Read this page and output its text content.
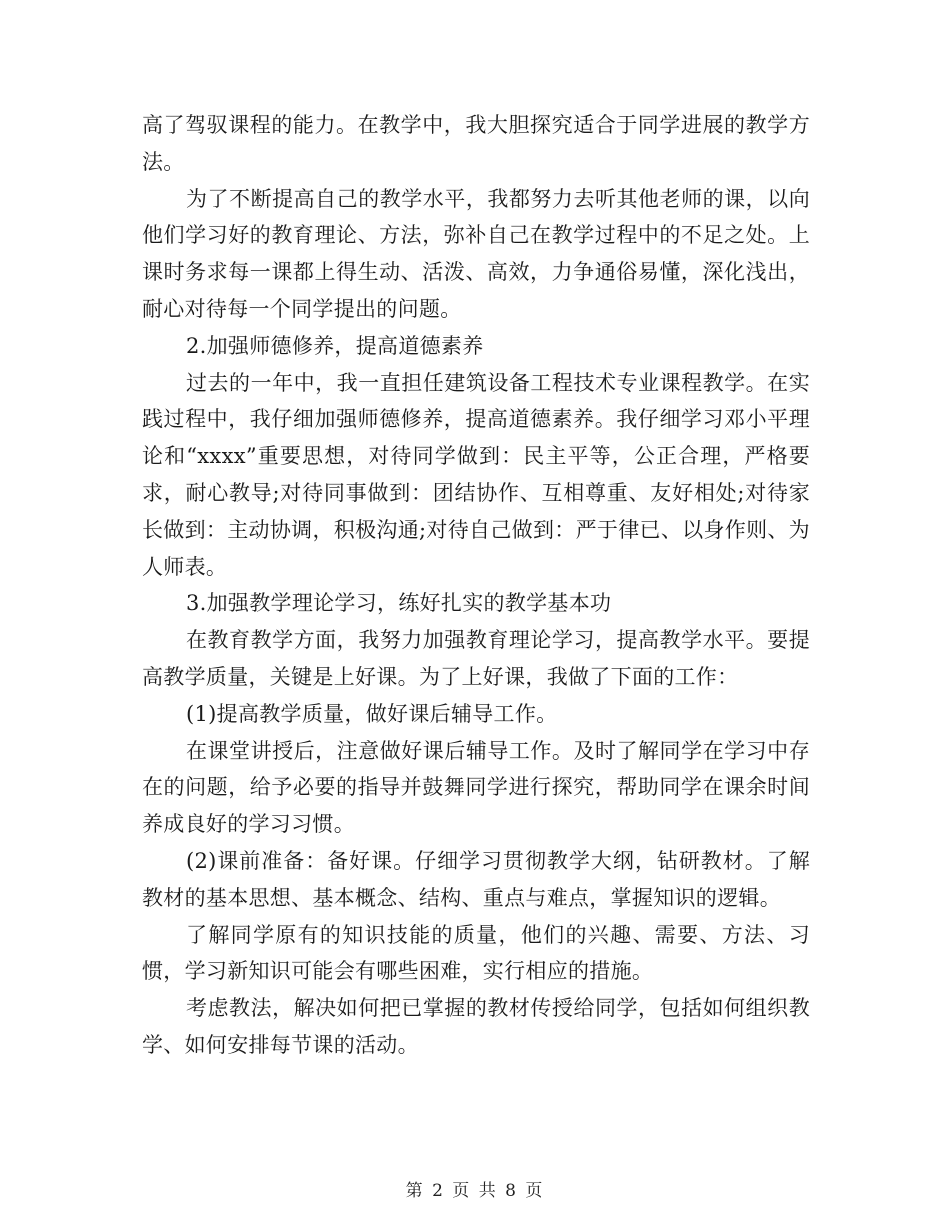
高了驾驭课程的能力。在教学中，我大胆探究适合于同学进展的教学方法。

为了不断提高自己的教学水平，我都努力去听其他老师的课，以向他们学习好的教育理论、方法，弥补自己在教学过程中的不足之处。上课时务求每一课都上得生动、活泼、高效，力争通俗易懂，深化浅出，耐心对待每一个同学提出的问题。

2.加强师德修养，提高道德素养

过去的一年中，我一直担任建筑设备工程技术专业课程教学。在实践过程中，我仔细加强师德修养，提高道德素养。我仔细学习邓小平理论和“xxxx”重要思想，对待同学做到：民主平等，公正合理，严格要求，耐心教导;对待同事做到：团结协作、互相尊重、友好相处;对待家长做到：主动协调，积极沟通;对待自己做到：严于律已、以身作则、为人师表。

3.加强教学理论学习，练好扎实的教学基本功

在教育教学方面，我努力加强教育理论学习，提高教学水平。要提高教学质量，关键是上好课。为了上好课，我做了下面的工作：

(1)提高教学质量，做好课后辅导工作。

在课堂讲授后，注意做好课后辅导工作。及时了解同学在学习中存在的问题，给予必要的指导并鼓舞同学进行探究，帮助同学在课余时间养成良好的学习习惯。

(2)课前准备：备好课。仔细学习贯彻教学大纲，钻研教材。了解教材的基本思想、基本概念、结构、重点与难点，掌握知识的逻辑。

了解同学原有的知识技能的质量，他们的兴趣、需要、方法、习惯，学习新知识可能会有哪些困难，实行相应的措施。

考虑教法，解决如何把已掌握的教材传授给同学，包括如何组织教学、如何安排每节课的活动。

第 2 页 共 8 页
